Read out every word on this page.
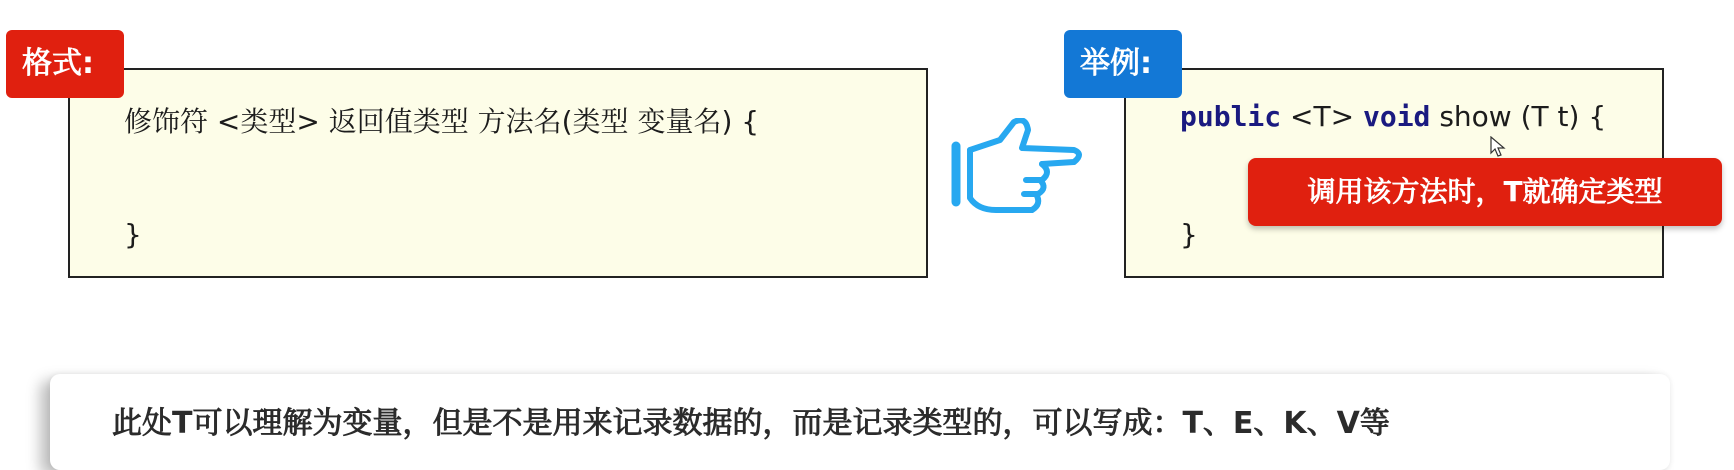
格式:
修饰符 <类型> 返回值类型 方法名(类型 变量名) {
}
举例:
public <T> void show (T t) {
}
调用该方法时，T就确定类型
此处T可以理解为变量，但是不是用来记录数据的，而是记录类型的，可以写成：T、E、K、V等
